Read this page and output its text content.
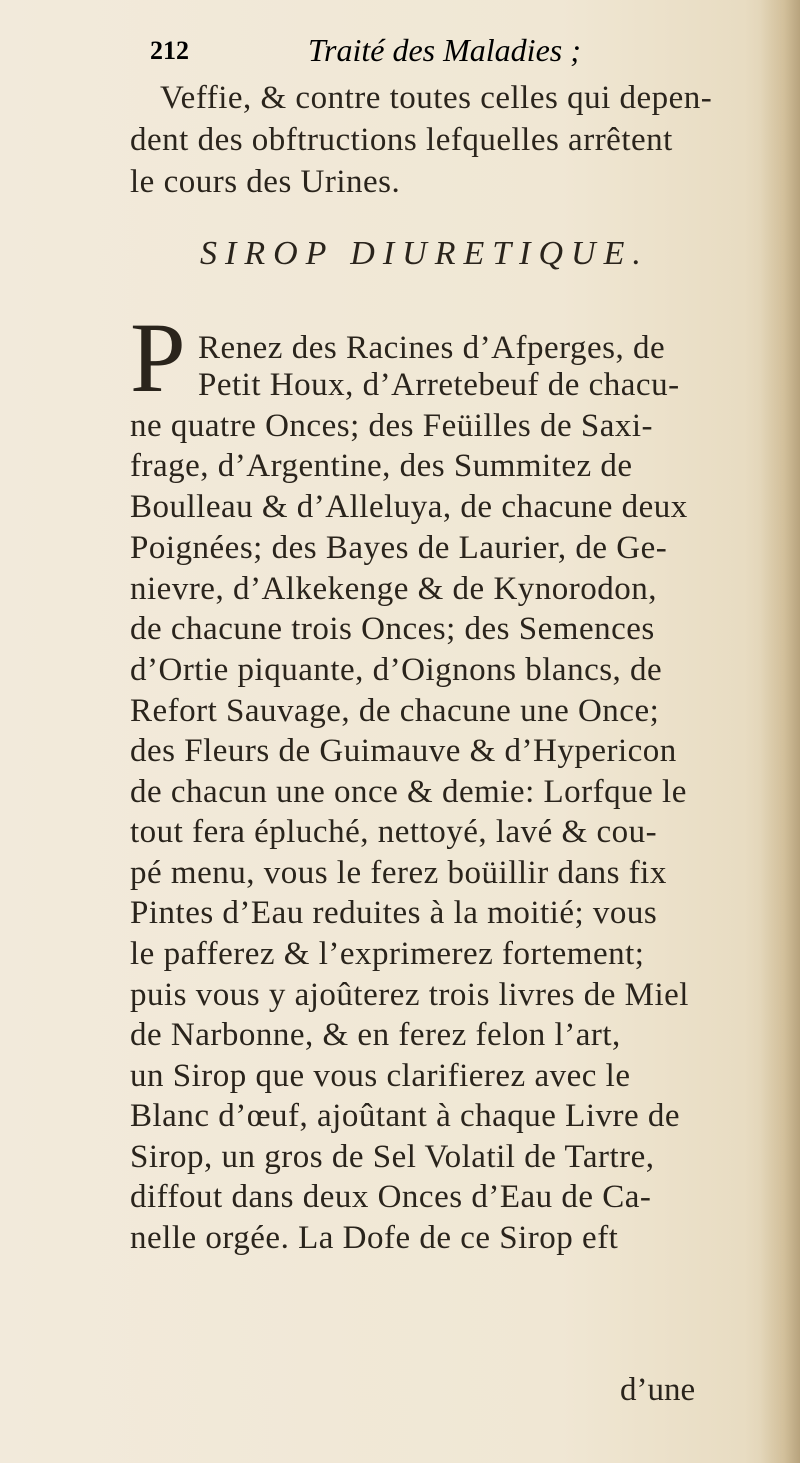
212	Traité des Maladies ;
Veffie, & contre toutes celles qui depen-
dent des obftructions lefquelles arrêtent
le cours des Urines.
SIROP DIURETIQUE.
P Renez des Racines d’Afperges, de
Petit Houx, d’Arretebeuf de chacu-
ne quatre Onces; des Feüilles de Saxi-
frage, d’Argentine, des Summitez de
Boulleau & d’Alleluya, de chacune deux
Poignées; des Bayes de Laurier, de Ge-
nievre, d’Alkekenge & de Kynorodon,
de chacune trois Onces; des Semences
d’Ortie piquante, d’Oignons blancs, de
Refort Sauvage, de chacune une Once;
des Fleurs de Guimauve & d’Hypericon
de chacun une once & demie: Lorfque le
tout fera épluché, nettoyé, lavé & cou-
pé menu, vous le ferez boüillir dans fix
Pintes d’Eau reduites à la moitié; vous
le pafferez & l’exprimerez fortement;
puis vous y ajoûterez trois livres de Miel
de Narbonne, & en ferez felon l’art,
un Sirop que vous clarifierez avec le
Blanc d’œuf, ajoûtant à chaque Livre de
Sirop, un gros de Sel Volatil de Tartre,
diffout dans deux Onces d’Eau de Ca-
nelle orgée. La Dofe de ce Sirop eft
d’une
